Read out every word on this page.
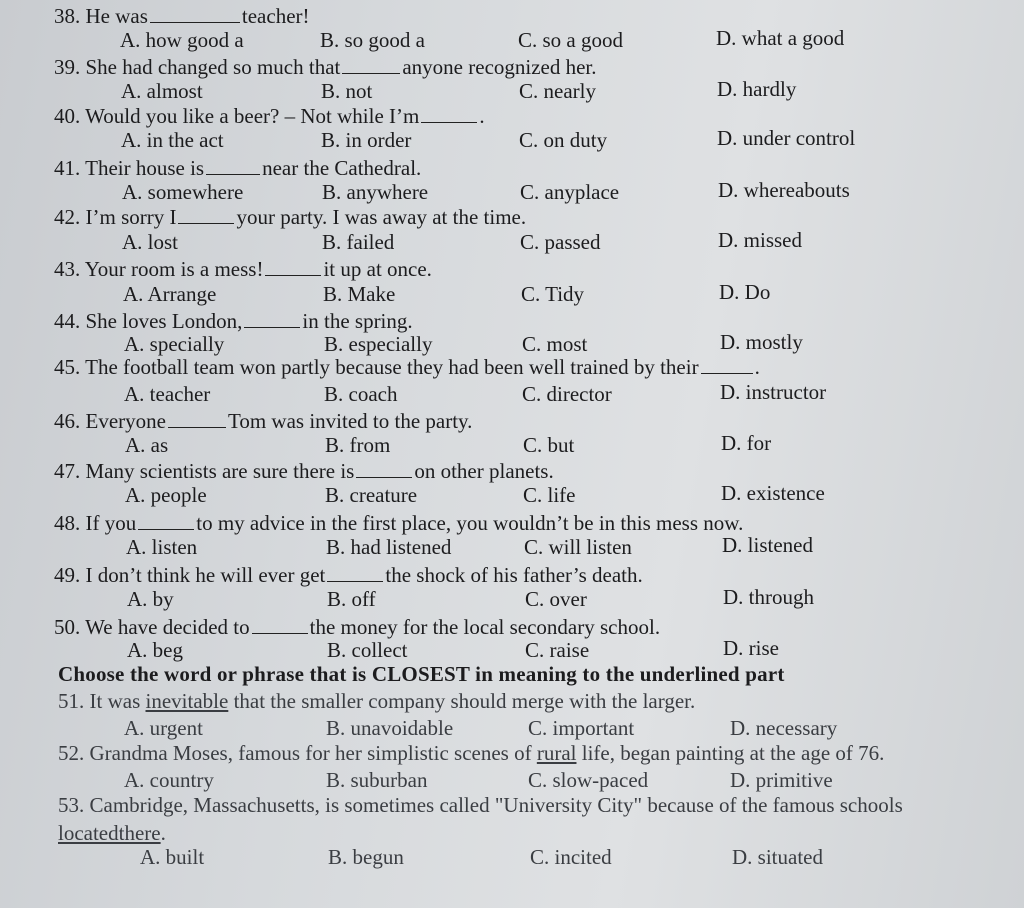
38. He was	teacher!
A. how good a	B. so good a	C. so a good	D. what a good
39. She had changed so much that	anyone recognized her.
A. almost	B. not	C. nearly	D. hardly
40. Would you like a beer? – Not while I’m	.
A. in the act	B. in order	C. on duty	D. under control
41. Their house is	near the Cathedral.
A. somewhere	B. anywhere	C. anyplace	D. whereabouts
42. I’m sorry I	your party. I was away at the time.
A. lost	B. failed	C. passed	D. missed
43. Your room is a mess!	it up at once.
A. Arrange	B. Make	C. Tidy	D. Do
44. She loves London,	in the spring.
A. specially	B. especially	C. most	D. mostly
45. The football team won partly because they had been well trained by their	.
A. teacher	B. coach	C. director	D. instructor
46. Everyone	Tom was invited to the party.
A. as	B. from	C. but	D. for
47. Many scientists are sure there is	on other planets.
A. people	B. creature	C. life	D. existence
48. If you	to my advice in the first place, you wouldn’t be in this mess now.
A. listen	B. had listened	C. will listen	D. listened
49. I don’t think he will ever get	the shock of his father’s death.
A. by	B. off	C. over	D. through
50. We have decided to	the money for the local secondary school.
A. beg	B. collect	C. raise	D. rise
Choose the word or phrase that is CLOSEST in meaning to the underlined part
51. It was inevitable that the smaller company should merge with the larger.
A. urgent	B. unavoidable	C. important	D. necessary
52. Grandma Moses, famous for her simplistic scenes of rural life, began painting at the age of 76.
A. country	B. suburban	C. slow-paced	D. primitive
53. Cambridge, Massachusetts, is sometimes called "University City" because of the famous schools
locatedthere.
A. built	B. begun	C. incited	D. situated
